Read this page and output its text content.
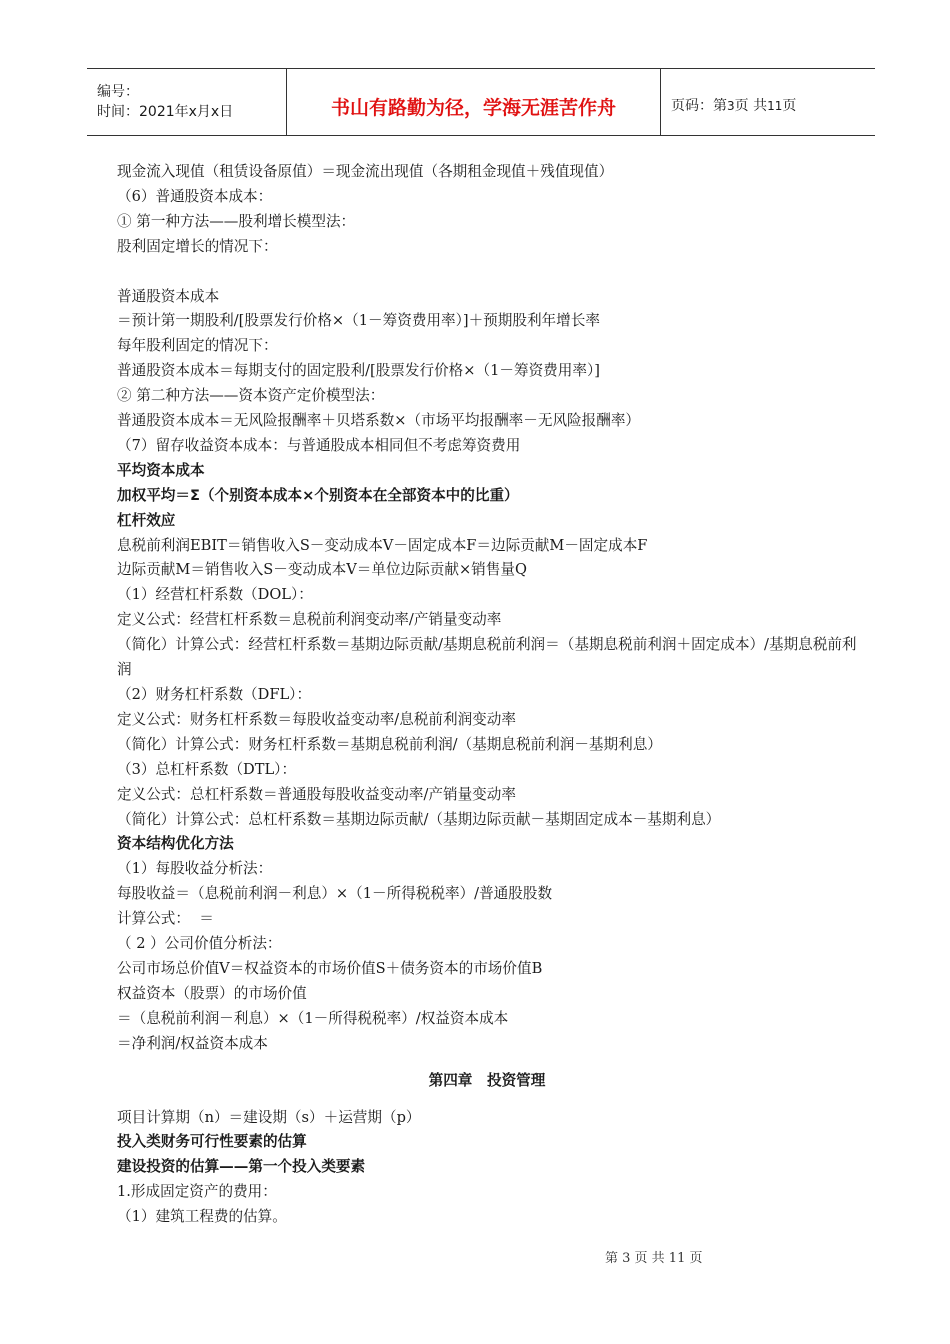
编号：
时间：2021年x月x日	书山有路勤为径，学海无涯苦作舟	页码：第3页 共11页
现金流入现值（租赁设备原值）＝现金流出现值（各期租金现值＋残值现值）
（6）普通股资本成本：
① 第一种方法——股利增长模型法：
股利固定增长的情况下：
普通股资本成本
＝预计第一期股利/[股票发行价格×（1－筹资费用率）]＋预期股利年增长率
每年股利固定的情况下：
普通股资本成本＝每期支付的固定股利/[股票发行价格×（1－筹资费用率）]
② 第二种方法——资本资产定价模型法：
普通股资本成本＝无风险报酬率＋贝塔系数×（市场平均报酬率－无风险报酬率）
（7）留存收益资本成本：与普通股成本相同但不考虑筹资费用
平均资本成本
加权平均＝Σ（个别资本成本×个别资本在全部资本中的比重）
杠杆效应
息税前利润EBIT＝销售收入S－变动成本V－固定成本F＝边际贡献M－固定成本F
边际贡献M＝销售收入S－变动成本V＝单位边际贡献×销售量Q
（1）经营杠杆系数（DOL）：
定义公式：经营杠杆系数＝息税前利润变动率/产销量变动率
（简化）计算公式：经营杠杆系数＝基期边际贡献/基期息税前利润＝（基期息税前利润＋固定成本）/基期息税前利润
（2）财务杠杆系数（DFL）：
定义公式：财务杠杆系数＝每股收益变动率/息税前利润变动率
（简化）计算公式：财务杠杆系数＝基期息税前利润/（基期息税前利润－基期利息）
（3）总杠杆系数（DTL）：
定义公式：总杠杆系数＝普通股每股收益变动率/产销量变动率
（简化）计算公式：总杠杆系数＝基期边际贡献/（基期边际贡献－基期固定成本－基期利息）
资本结构优化方法
（1）每股收益分析法：
每股收益＝（息税前利润－利息）×（1－所得税税率）/普通股股数
计算公式：  ＝
（ 2 ）公司价值分析法：
公司市场总价值V＝权益资本的市场价值S＋债务资本的市场价值B
权益资本（股票）的市场价值
＝（息税前利润－利息）×（1－所得税税率）/权益资本成本
＝净利润/权益资本成本
第四章　投资管理
项目计算期（n）＝建设期（s）＋运营期（p）
投入类财务可行性要素的估算
建设投资的估算——第一个投入类要素
1.形成固定资产的费用：
（1）建筑工程费的估算。
第 3 页 共 11 页
